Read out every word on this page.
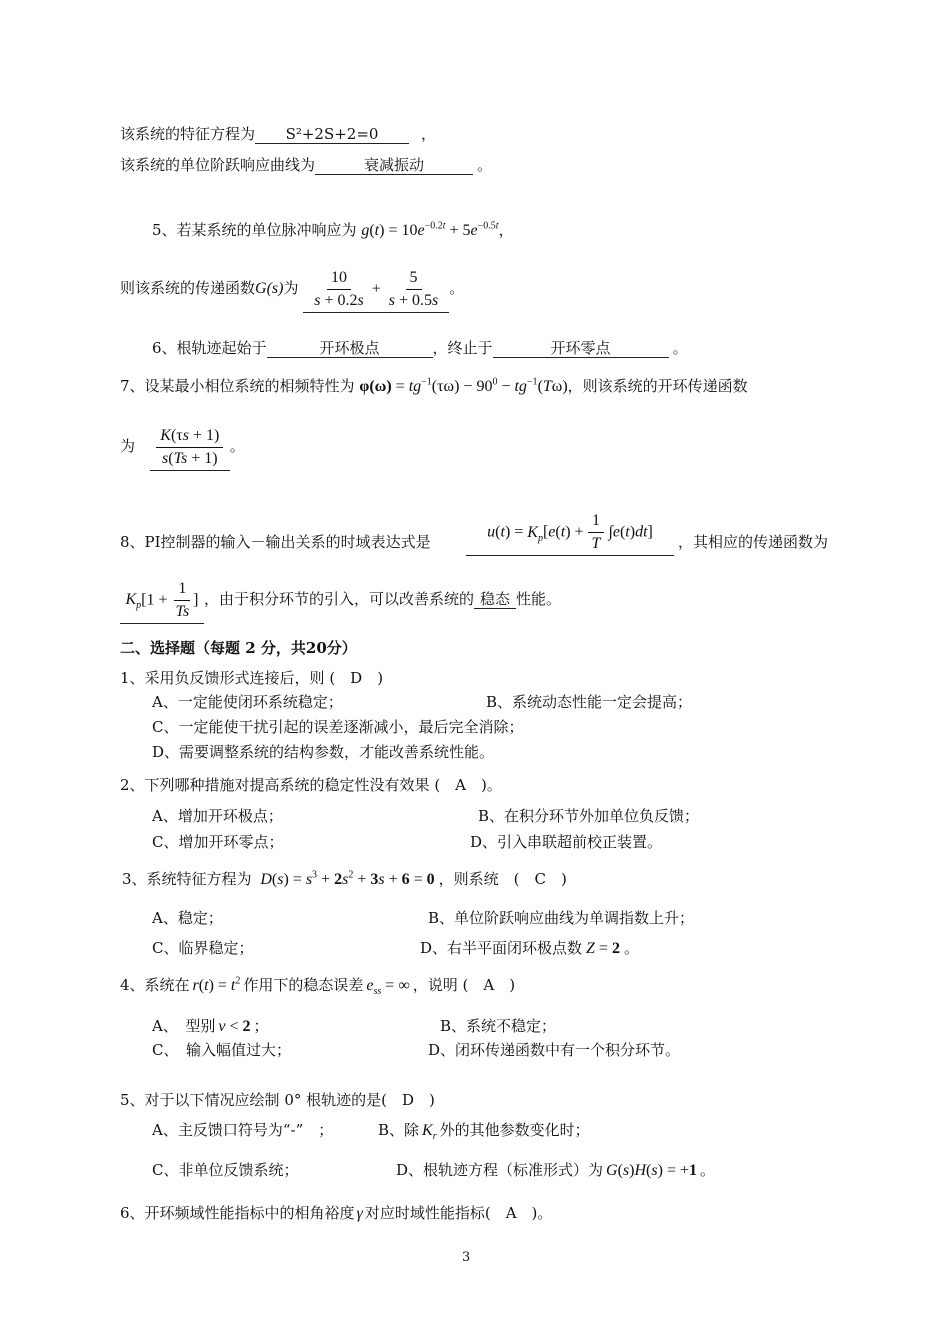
该系统的特征方程为 S²+2S+2=0	，
该系统的单位阶跃响应曲线为	衰减振动	。
5、若某系统的单位脉冲响应为 $g(t) = 10e^{-0.2t} + 5e^{-0.5t}$，
则该系统的传递函数G(s)为 $\frac{10}{s + 0.2s} + \frac{5}{s + 0.5s}$ 。
6、根轨迹起始于	开环极点	，终止于	开环零点	。
7、设某最小相位系统的相频特性为 $\varphi(\omega) = tg^{-1}(\tau\omega) - 90^0 - tg^{-1}(T\omega)$，则该系统的开环传递函数
为 $\frac{K(\tau s + 1)}{s(Ts + 1)}$ 。
8、PI控制器的输入－输出关系的时域表达式是
$u(t) = K_p[e(t) + \frac{1}{T} \int e(t)dt]$
，其相应的传递函数为
$K_p[1 + \frac{1}{Ts}$ ] ，由于积分环节的引入，可以改善系统的 稳态 性能。
二、选择题（每题 2 分，共20分）
1、采用负反馈形式连接后，则 (　D　)
A、一定能使闭环系统稳定；	B、系统动态性能一定会提高；
C、一定能使干扰引起的误差逐渐减小，最后完全消除；
D、需要调整系统的结构参数，才能改善系统性能。
2、下列哪种措施对提高系统的稳定性没有效果 (　A　)。
A、增加开环极点；	B、在积分环节外加单位负反馈；
C、增加开环零点；	D、引入串联超前校正装置。
3、系统特征方程为 $D(s) = s^3 + 2s^2 + 3s + 6 = 0$ ，则系统　(　C　)
A、稳定；	B、单位阶跃响应曲线为单调指数上升；
C、临界稳定；	D、右半平面闭环极点数 Z = 2 。
4、系统在 $r(t) = t^2$ 作用下的稳态误差 $e_{ss}$ = ∞ ，说明 (　A　)
A、　型别 v < 2 ；	B、系统不稳定；
C、　输入幅值过大；	D、闭环传递函数中有一个积分环节。
5、对于以下情况应绘制 0° 根轨迹的是(　D　)
A、主反馈口符号为“-”　；	B、除 $K_r$ 外的其他参数变化时；
C、非单位反馈系统；	D、根轨迹方程（标准形式）为 G(s)H(s) = +1 。
6、开环频域性能指标中的相角裕度 γ 对应时域性能指标(　A　)。
3
